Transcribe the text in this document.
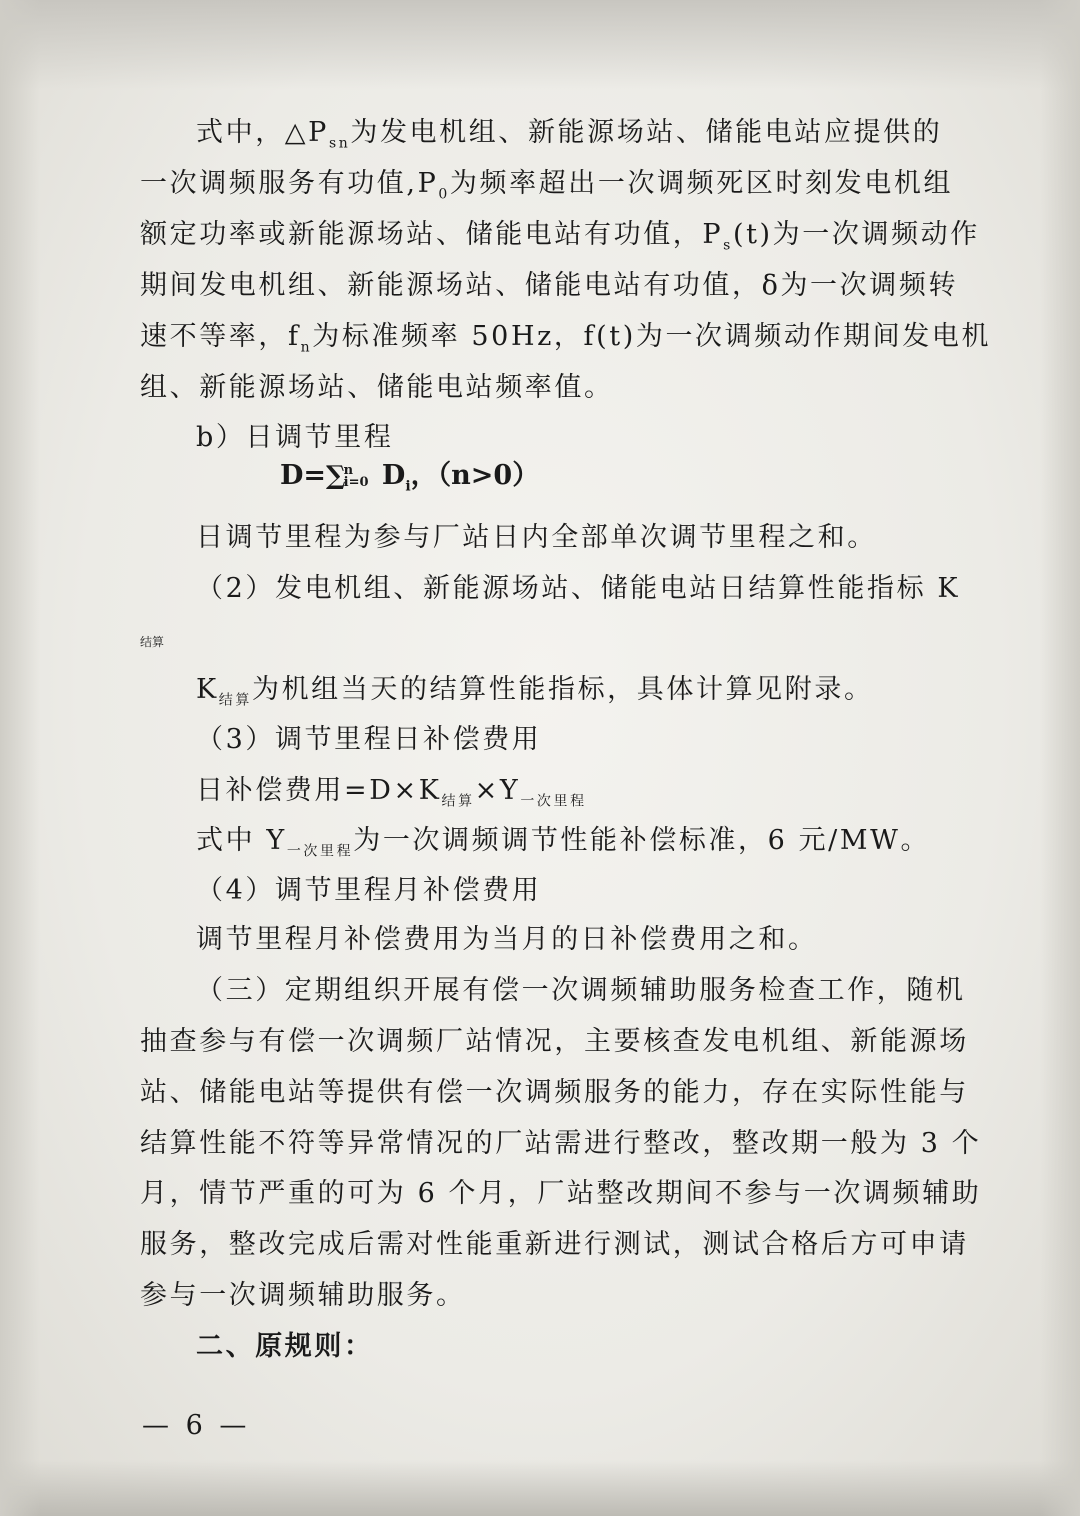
式中，$\triangle P_{sn}$为发电机组、新能源场站、储能电站应提供的
一次调频服务有功值$,P_0$为频率超出一次调频死区时刻发电机组
额定功率或新能源场站、储能电站有功值，$P_s(t)$为一次调频动作
期间发电机组、新能源场站、储能电站有功值，δ为一次调频转
速不等率，$f_n$为标准频率 50Hz，f(t)为一次调频动作期间发电机
组、新能源场站、储能电站频率值。
b）日调节里程
D=∑
n
i=0 $D_i$，（n>0）
日调节里程为参与厂站日内全部单次调节里程之和。
（2）发电机组、新能源场站、储能电站日结算性能指标 K
结算
$K_{结算}$为机组当天的结算性能指标，具体计算见附录。
（3）调节里程日补偿费用
日补偿费用$=D\times K_{结算}\times Y_{一次里程}$
式中 $Y_{一次里程}$为一次调频调节性能补偿标准，6 元/MW。
（4）调节里程月补偿费用
调节里程月补偿费用为当月的日补偿费用之和。
（三）定期组织开展有偿一次调频辅助服务检查工作，随机
抽查参与有偿一次调频厂站情况，主要核查发电机组、新能源场
站、储能电站等提供有偿一次调频服务的能力，存在实际性能与
结算性能不符等异常情况的厂站需进行整改，整改期一般为 3 个
月，情节严重的可为 6 个月，厂站整改期间不参与一次调频辅助
服务，整改完成后需对性能重新进行测试，测试合格后方可申请
参与一次调频辅助服务。
二、原规则：
— 6 —
